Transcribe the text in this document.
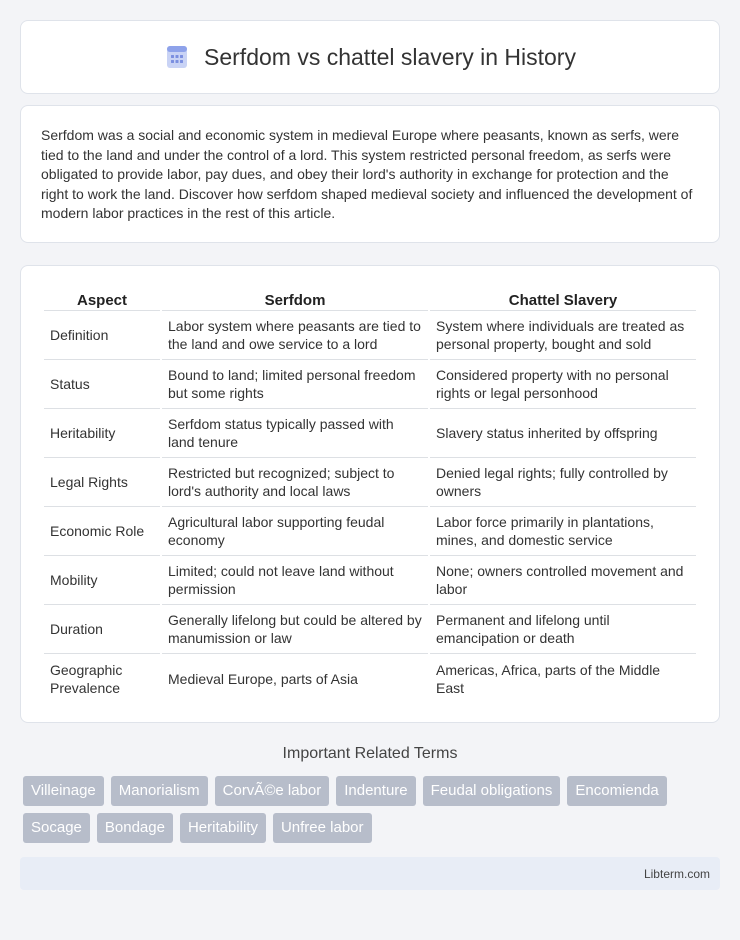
Serfdom vs chattel slavery in History

Serfdom was a social and economic system in medieval Europe where peasants, known as serfs, were tied to the land and under the control of a lord. This system restricted personal freedom, as serfs were obligated to provide labor, pay dues, and obey their lord's authority in exchange for protection and the right to work the land. Discover how serfdom shaped medieval society and influenced the development of modern labor practices in the rest of this article.

Aspect	Serfdom	Chattel Slavery
Definition	Labor system where peasants are tied to the land and owe service to a lord	System where individuals are treated as personal property, bought and sold
Status	Bound to land; limited personal freedom but some rights	Considered property with no personal rights or legal personhood
Heritability	Serfdom status typically passed with land tenure	Slavery status inherited by offspring
Legal Rights	Restricted but recognized; subject to lord's authority and local laws	Denied legal rights; fully controlled by owners
Economic Role	Agricultural labor supporting feudal economy	Labor force primarily in plantations, mines, and domestic service
Mobility	Limited; could not leave land without permission	None; owners controlled movement and labor
Duration	Generally lifelong but could be altered by manumission or law	Permanent and lifelong until emancipation or death
Geographic Prevalence	Medieval Europe, parts of Asia	Americas, Africa, parts of the Middle East
Important Related Terms
Villeinage	Manorialism	CorvÃ©e labor	Indenture	Feudal obligations	Encomienda
Socage	Bondage	Heritability	Unfree labor
Libterm.com
